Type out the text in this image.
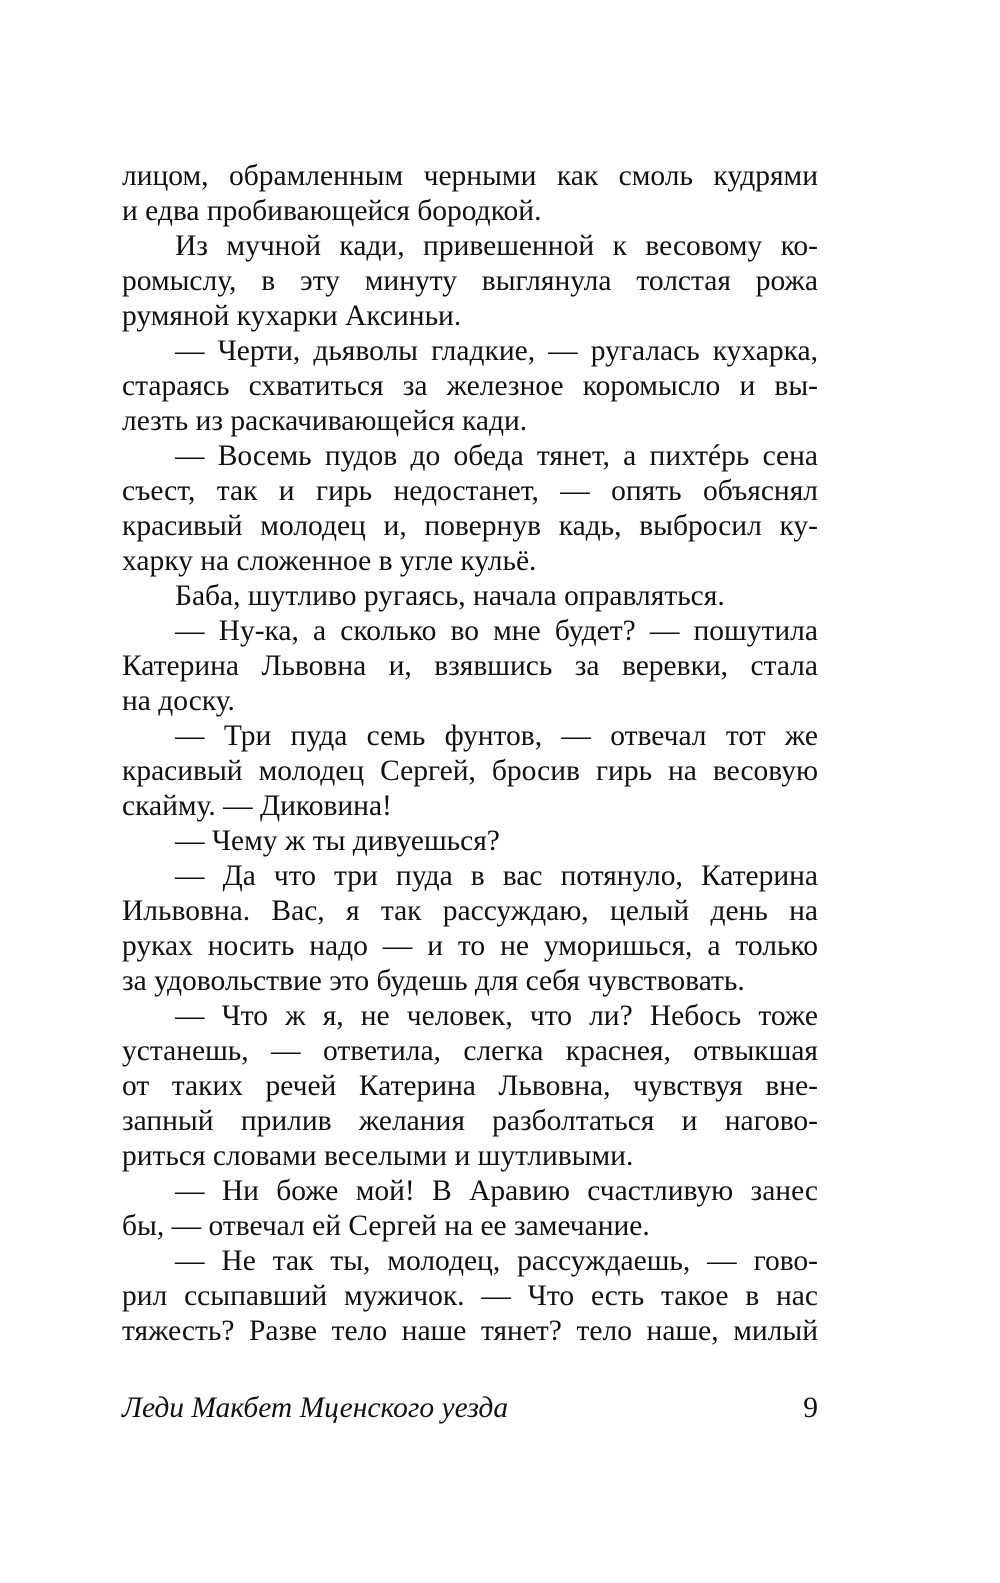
лицом, обрамленным черными как смоль кудрями
и едва пробивающейся бородкой.
Из мучной кади, привешенной к весовому ко-
ромыслу, в эту минуту выглянула толстая рожа
румяной кухарки Аксиньи.
— Черти, дьяволы гладкие, — ругалась кухарка,
стараясь схватиться за железное коромысло и вы-
лезть из раскачивающейся кади.
— Восемь пудов до обеда тянет, а пихтéрь сена
съест, так и гирь недостанет, — опять объяснял
красивый молодец и, повернув кадь, выбросил ку-
харку на сложенное в угле кульё.
Баба, шутливо ругаясь, начала оправляться.
— Ну-ка, а сколько во мне будет? — пошутила
Катерина Львовна и, взявшись за веревки, стала
на доску.
— Три пуда семь фунтов, — отвечал тот же
красивый молодец Сергей, бросив гирь на весовую
скайму. — Диковина!
— Чему ж ты дивуешься?
— Да что три пуда в вас потянуло, Катерина
Ильвовна. Вас, я так рассуждаю, целый день на
руках носить надо — и то не уморишься, а только
за удовольствие это будешь для себя чувствовать.
— Что ж я, не человек, что ли? Небось тоже
устанешь, — ответила, слегка краснея, отвыкшая
от таких речей Катерина Львовна, чувствуя вне-
запный прилив желания разболтаться и нагово-
риться словами веселыми и шутливыми.
— Ни боже мой! В Аравию счастливую занес
бы, — отвечал ей Сергей на ее замечание.
— Не так ты, молодец, рассуждаешь, — гово-
рил ссыпавший мужичок. — Что есть такое в нас
тяжесть? Разве тело наше тянет? тело наше, милый
Леди Макбет Мценского уезда	9
